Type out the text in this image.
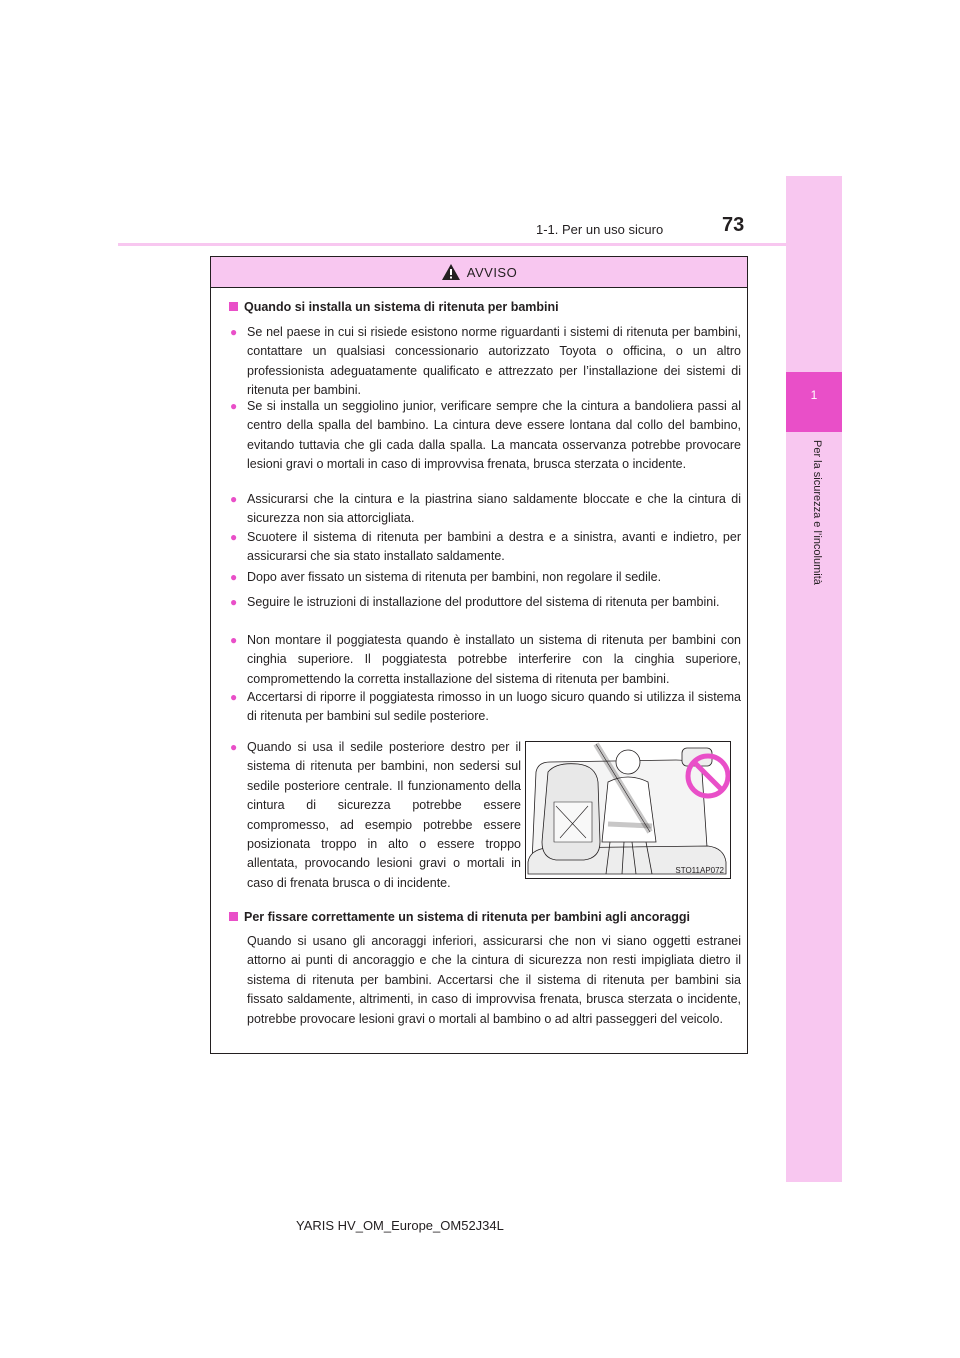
1
Per la sicurezza e l’incolumità
73
1-1. Per un uso sicuro
AVVISO
Quando si installa un sistema di ritenuta per bambini
● Se nel paese in cui si risiede esistono norme riguardanti i sistemi di ritenuta per bambini, contattare un qualsiasi concessionario autorizzato Toyota o officina, o un altro professionista adeguatamente qualificato e attrezzato per l’installazione dei sistemi di ritenuta per bambini.
● Se si installa un seggiolino junior, verificare sempre che la cintura a bandoliera passi al centro della spalla del bambino. La cintura deve essere lontana dal collo del bambino, evitando tuttavia che gli cada dalla spalla. La mancata osservanza potrebbe provocare lesioni gravi o mortali in caso di improvvisa frenata, brusca sterzata o incidente.
● Assicurarsi che la cintura e la piastrina siano saldamente bloccate e che la cintura di sicurezza non sia attorcigliata.
● Scuotere il sistema di ritenuta per bambini a destra e a sinistra, avanti e indietro, per assicurarsi che sia stato installato saldamente.
● Dopo aver fissato un sistema di ritenuta per bambini, non regolare il sedile.
● Seguire le istruzioni di installazione del produttore del sistema di ritenuta per bambini.
● Non montare il poggiatesta quando è installato un sistema di ritenuta per bambini con cinghia superiore. Il poggiatesta potrebbe interferire con la cinghia superiore, compromettendo la corretta installazione del sistema di ritenuta per bambini.
● Accertarsi di riporre il poggiatesta rimosso in un luogo sicuro quando si utilizza il sistema di ritenuta per bambini sul sedile posteriore.
● Quando si usa il sedile posteriore destro per il sistema di ritenuta per bambini, non sedersi sul sedile posteriore centrale. Il funzionamento della cintura di sicurezza potrebbe essere compromesso, ad esempio potrebbe essere posizionata troppo in alto o essere troppo allentata, provocando lesioni gravi o mortali in caso di frenata brusca o di incidente.
STO11AP072
Per fissare correttamente un sistema di ritenuta per bambini agli ancoraggi
Quando si usano gli ancoraggi inferiori, assicurarsi che non vi siano oggetti estranei attorno ai punti di ancoraggio e che la cintura di sicurezza non resti impigliata dietro il sistema di ritenuta per bambini. Accertarsi che il sistema di ritenuta per bambini sia fissato saldamente, altrimenti, in caso di improvvisa frenata, brusca sterzata o incidente, potrebbe provocare lesioni gravi o mortali al bambino o ad altri passeggeri del veicolo.
YARIS HV_OM_Europe_OM52J34L
